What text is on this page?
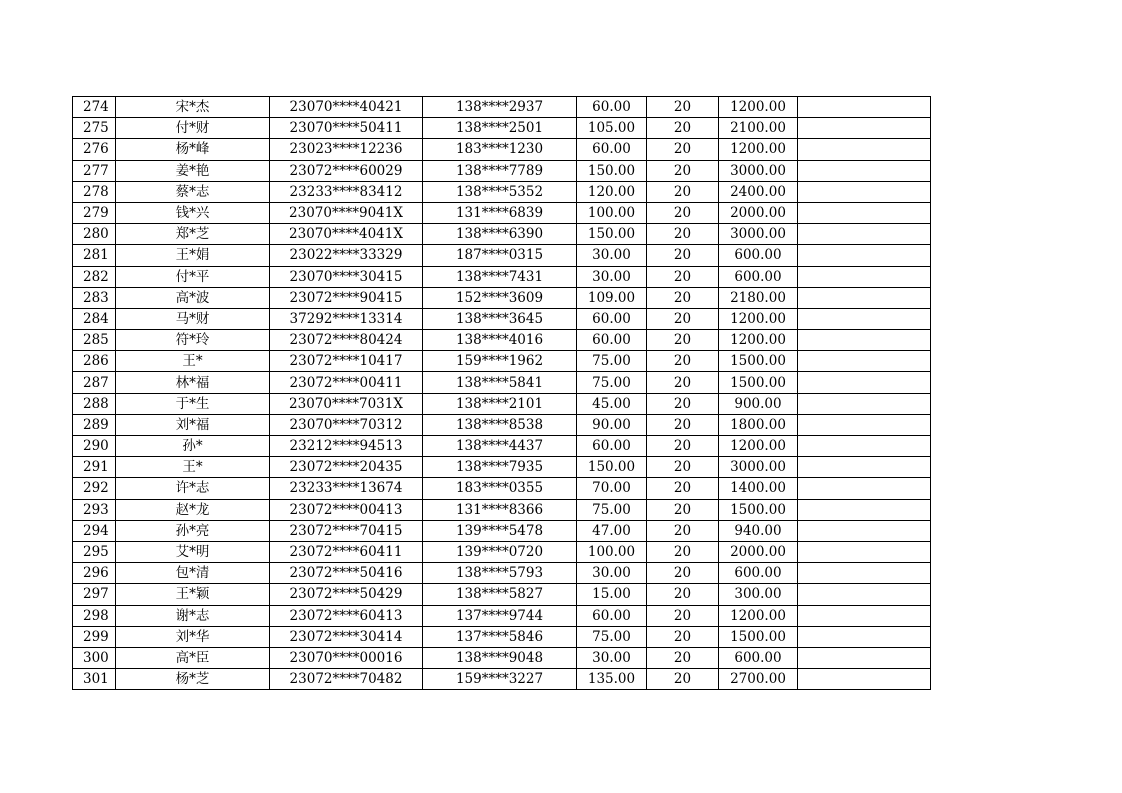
274	宋*杰	23070****40421	138****2937	60.00	20	1200.00	
275	付*财	23070****50411	138****2501	105.00	20	2100.00	
276	杨*峰	23023****12236	183****1230	60.00	20	1200.00	
277	姜*艳	23072****60029	138****7789	150.00	20	3000.00	
278	蔡*志	23233****83412	138****5352	120.00	20	2400.00	
279	钱*兴	23070****9041X	131****6839	100.00	20	2000.00	
280	郑*芝	23070****4041X	138****6390	150.00	20	3000.00	
281	王*娟	23022****33329	187****0315	30.00	20	600.00	
282	付*平	23070****30415	138****7431	30.00	20	600.00	
283	高*波	23072****90415	152****3609	109.00	20	2180.00	
284	马*财	37292****13314	138****3645	60.00	20	1200.00	
285	符*玲	23072****80424	138****4016	60.00	20	1200.00	
286	王*	23072****10417	159****1962	75.00	20	1500.00	
287	林*福	23072****00411	138****5841	75.00	20	1500.00	
288	于*生	23070****7031X	138****2101	45.00	20	900.00	
289	刘*福	23070****70312	138****8538	90.00	20	1800.00	
290	孙*	23212****94513	138****4437	60.00	20	1200.00	
291	王*	23072****20435	138****7935	150.00	20	3000.00	
292	许*志	23233****13674	183****0355	70.00	20	1400.00	
293	赵*龙	23072****00413	131****8366	75.00	20	1500.00	
294	孙*亮	23072****70415	139****5478	47.00	20	940.00	
295	艾*明	23072****60411	139****0720	100.00	20	2000.00	
296	包*清	23072****50416	138****5793	30.00	20	600.00	
297	王*颖	23072****50429	138****5827	15.00	20	300.00	
298	谢*志	23072****60413	137****9744	60.00	20	1200.00	
299	刘*华	23072****30414	137****5846	75.00	20	1500.00	
300	高*臣	23070****00016	138****9048	30.00	20	600.00	
301	杨*芝	23072****70482	159****3227	135.00	20	2700.00	
